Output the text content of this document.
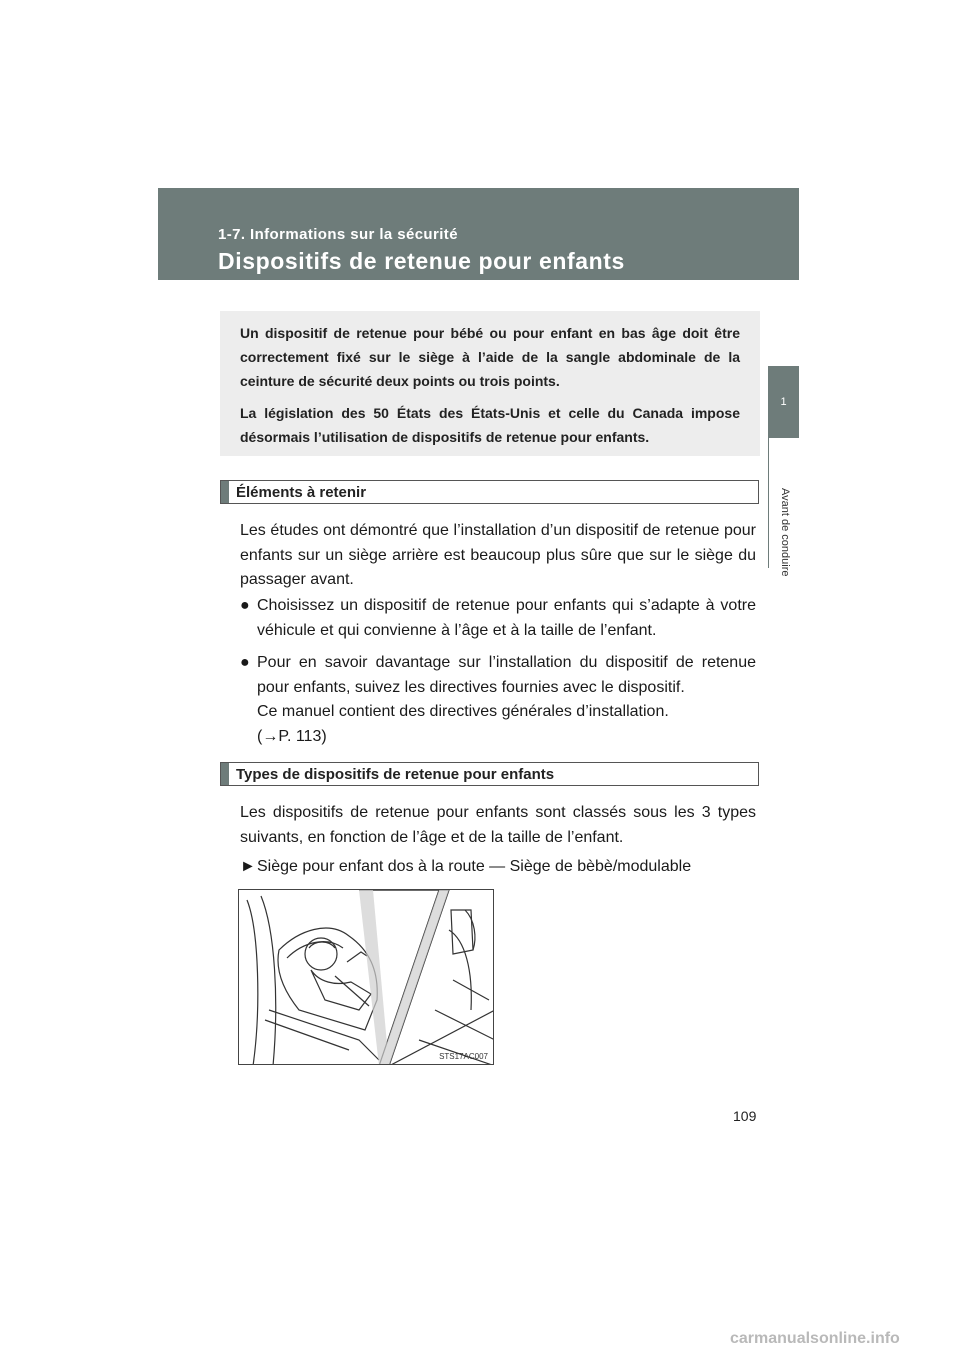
1-7. Informations sur la sécurité
Dispositifs de retenue pour enfants
1
Avant de conduire

Un dispositif de retenue pour bébé ou pour enfant en bas âge doit être correctement fixé sur le siège à l’aide de la sangle abdominale de la ceinture de sécurité deux points ou trois points.

La législation des 50 États des États-Unis et celle du Canada impose désormais l’utilisation de dispositifs de retenue pour enfants.

Éléments à retenir

Les études ont démontré que l’installation d’un dispositif de retenue pour enfants sur un siège arrière est beaucoup plus sûre que sur le siège du passager avant.

● Choisissez un dispositif de retenue pour enfants qui s’adapte à votre véhicule et qui convienne à l’âge et à la taille de l’enfant.

● Pour en savoir davantage sur l’installation du dispositif de retenue pour enfants, suivez les directives fournies avec le dispositif.

Ce manuel contient des directives générales d’installation.

(→P. 113)

Types de dispositifs de retenue pour enfants

Les dispositifs de retenue pour enfants sont classés sous les 3 types suivants, en fonction de l’âge et de la taille de l’enfant.

► Siège pour enfant dos à la route — Siège de bèbè/modulable

STS17AC007
109
carmanualsonline.info
